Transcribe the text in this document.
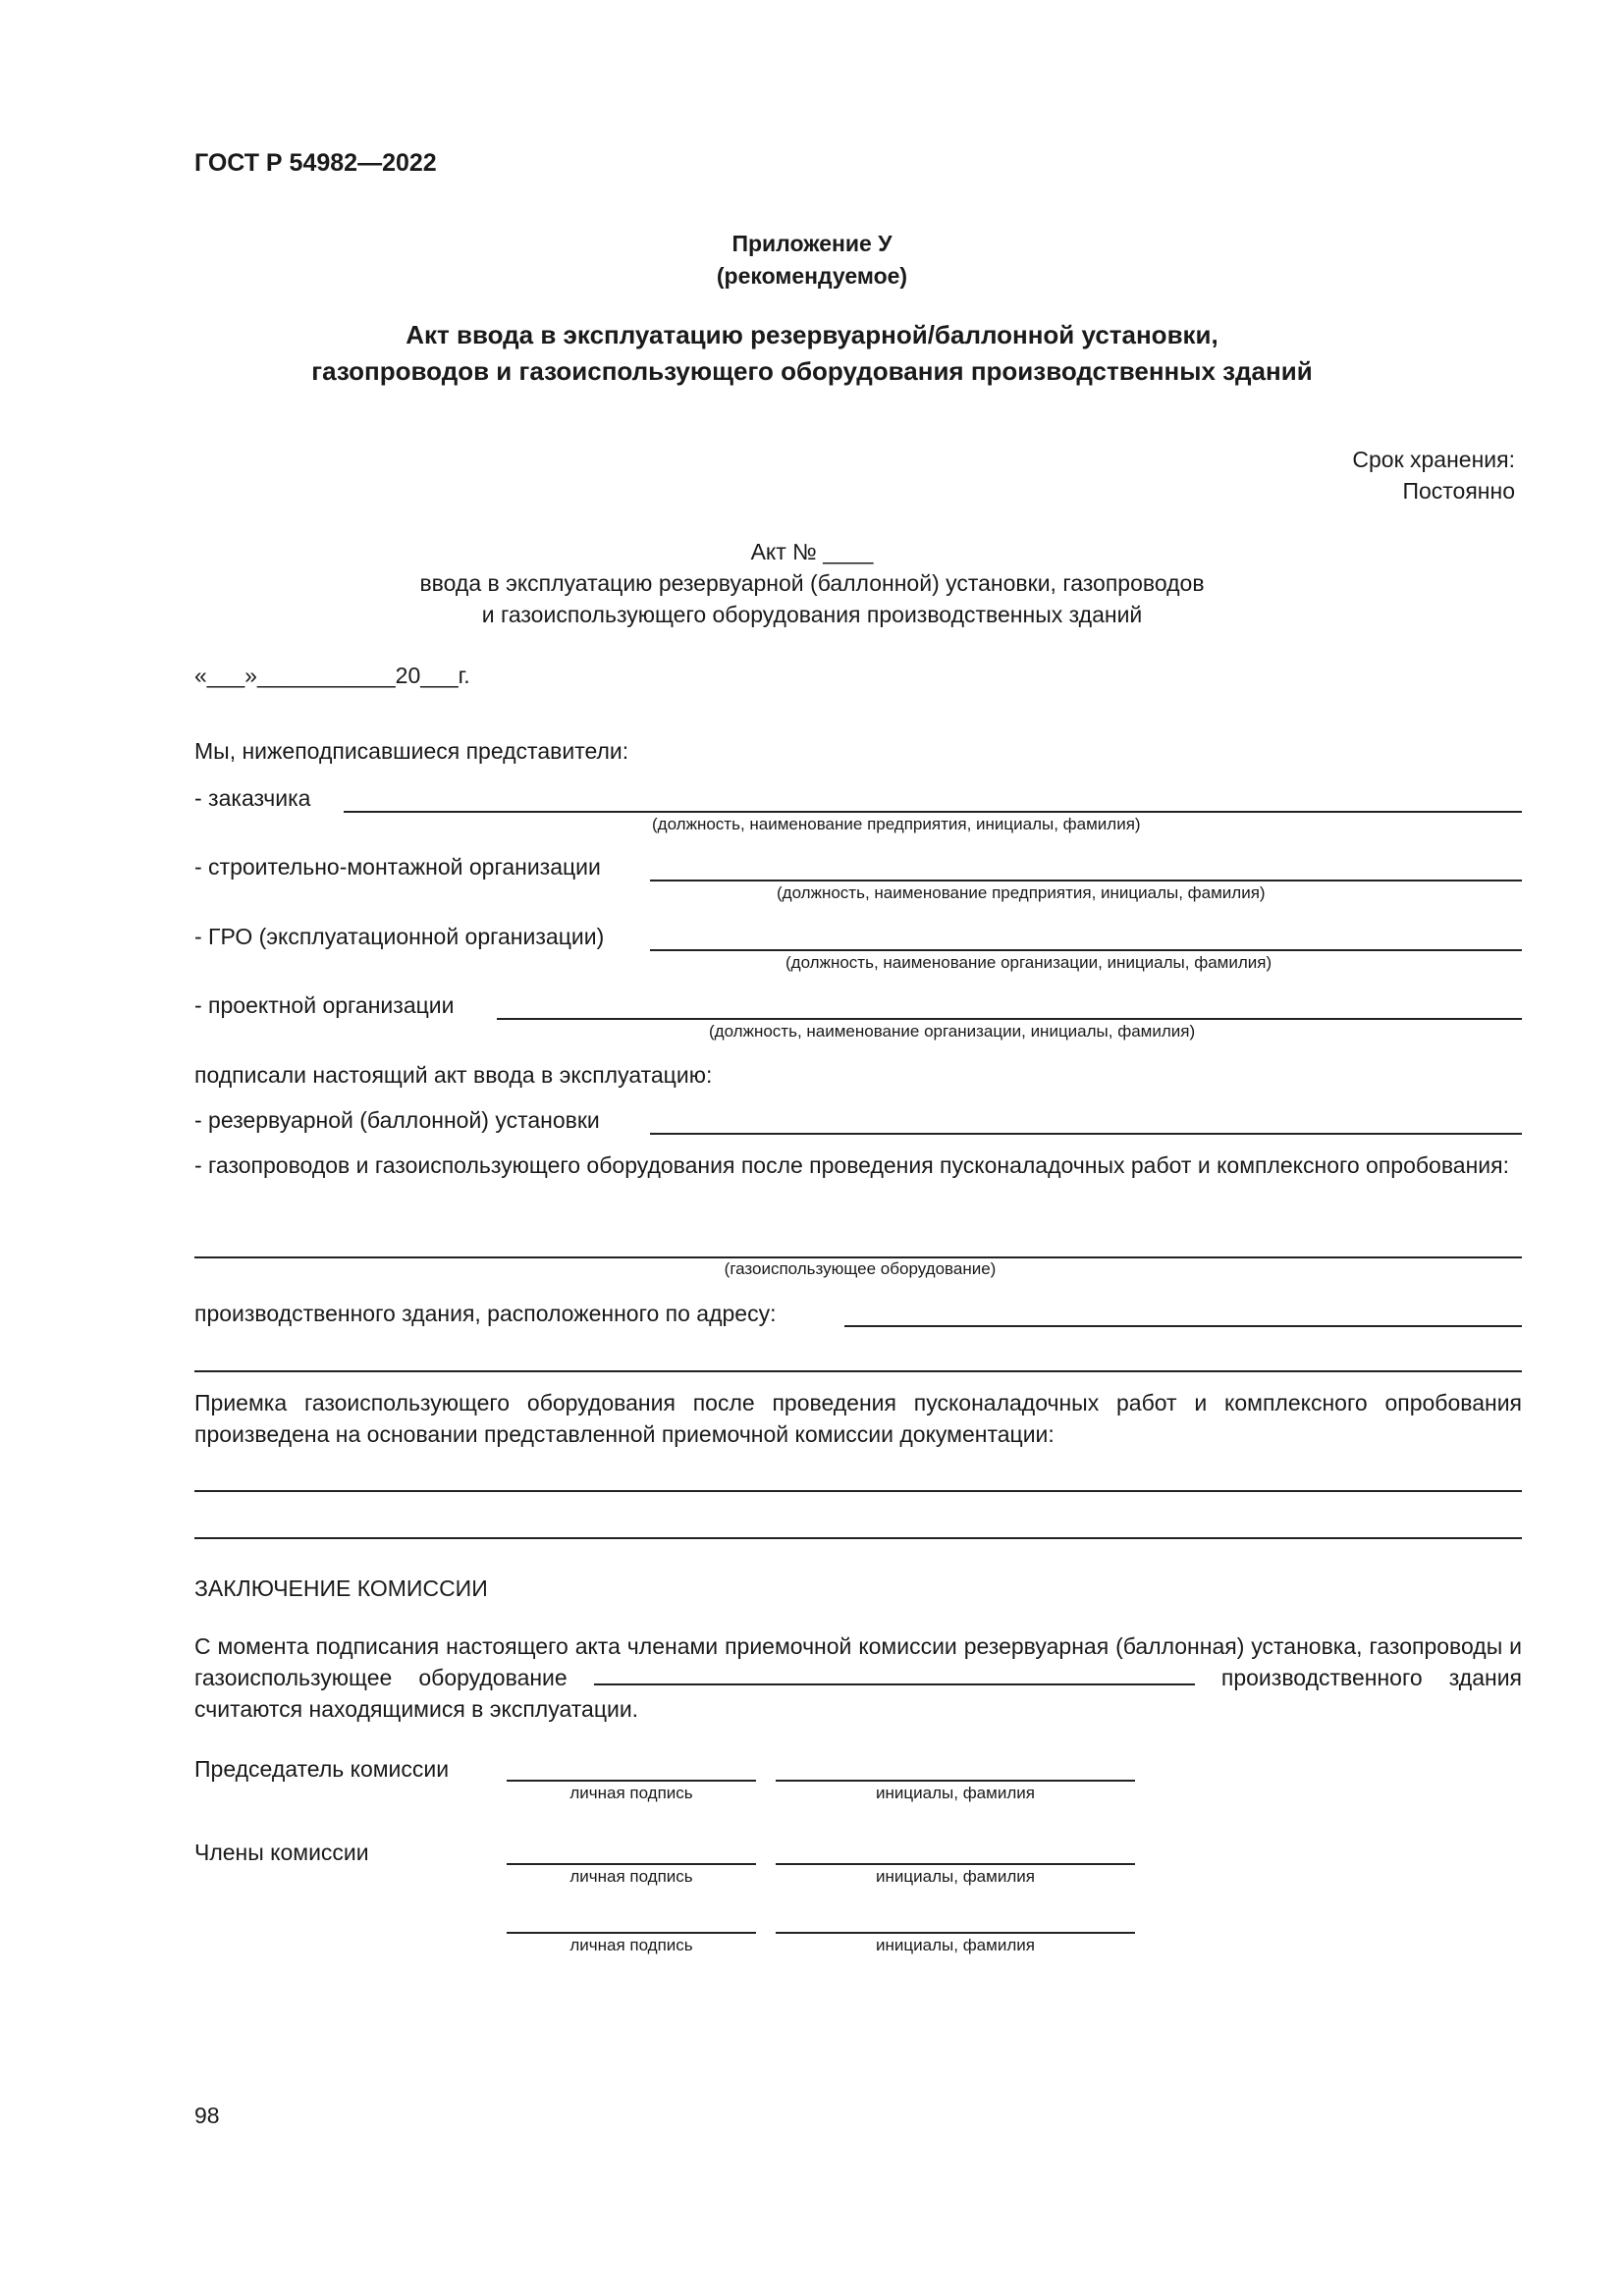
ГОСТ Р 54982—2022
Приложение У
(рекомендуемое)
Акт ввода в эксплуатацию резервуарной/баллонной установки,
газопроводов и газоиспользующего оборудования производственных зданий
Срок хранения:
Постоянно
Акт № ____
ввода в эксплуатацию резервуарной (баллонной) установки, газопроводов
и газоиспользующего оборудования производственных зданий
«___»___________20___г.
Мы, нижеподписавшиеся представители:
- заказчика
(должность, наименование предприятия, инициалы, фамилия)
- строительно-монтажной организации
(должность, наименование предприятия, инициалы, фамилия)
- ГРО (эксплуатационной организации)
(должность, наименование организации, инициалы, фамилия)
- проектной организации
(должность, наименование организации, инициалы, фамилия)
подписали настоящий акт ввода в эксплуатацию:
- резервуарной (баллонной) установки
- газопроводов и газоиспользующего оборудования после проведения пусконаладочных работ и комплексного опробования:
(газоиспользующее оборудование)
производственного здания, расположенного по адресу:
Приемка газоиспользующего оборудования после проведения пусконаладочных работ и комплексного опробования произведена на основании представленной приемочной комиссии документации:
ЗАКЛЮЧЕНИЕ КОМИССИИ
С момента подписания настоящего акта членами приемочной комиссии резервуарная (баллонная) установка, газопроводы и газоиспользующее оборудование	производственного здания считаются находящимися в эксплуатации.
Председатель комиссии
личная подпись	инициалы, фамилия
Члены комиссии
личная подпись	инициалы, фамилия
личная подпись	инициалы, фамилия
98
